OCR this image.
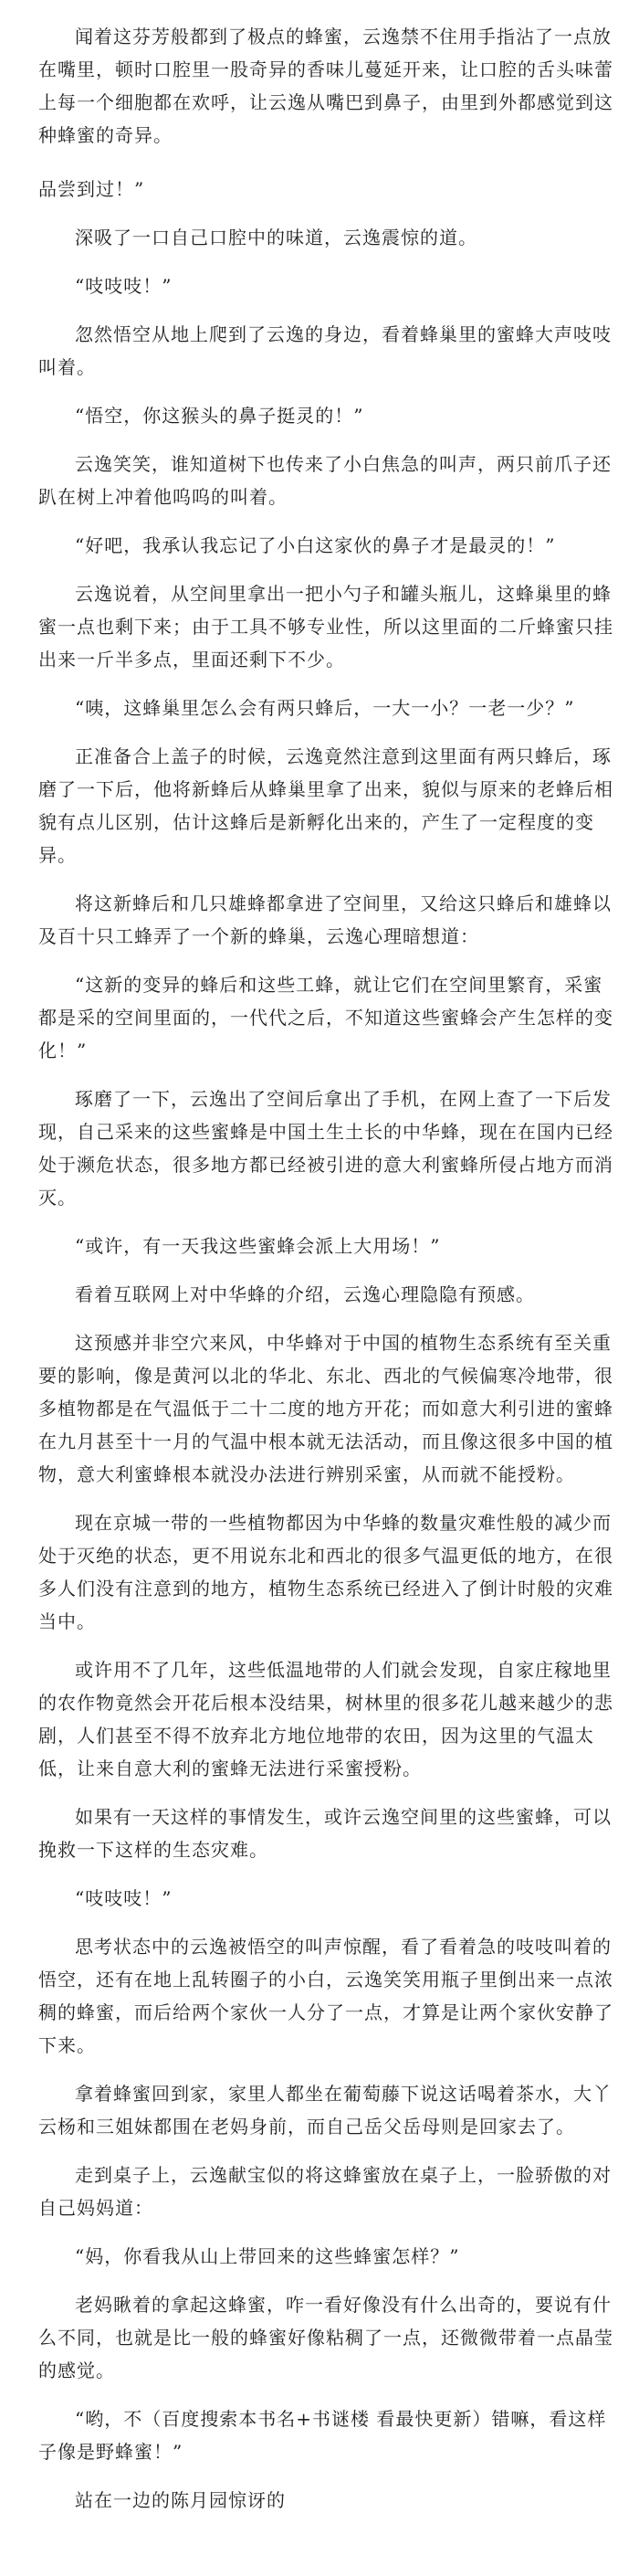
闻着这芬芳般都到了极点的蜂蜜，云逸禁不住用手指沾了一点放在嘴里，顿时口腔里一股奇异的香味儿蔓延开来，让口腔的舌头味蕾上每一个细胞都在欢呼，让云逸从嘴巴到鼻子，由里到外都感觉到这种蜂蜜的奇异。

品尝到过！”

深吸了一口自己口腔中的味道，云逸震惊的道。

“吱吱吱！”

忽然悟空从地上爬到了云逸的身边，看着蜂巢里的蜜蜂大声吱吱叫着。

“悟空，你这猴头的鼻子挺灵的！”

云逸笑笑，谁知道树下也传来了小白焦急的叫声，两只前爪子还趴在树上冲着他呜呜的叫着。

“好吧，我承认我忘记了小白这家伙的鼻子才是最灵的！”

云逸说着，从空间里拿出一把小勺子和罐头瓶儿，这蜂巢里的蜂蜜一点也剩下来；由于工具不够专业性，所以这里面的二斤蜂蜜只挂出来一斤半多点，里面还剩下不少。

“咦，这蜂巢里怎么会有两只蜂后，一大一小？一老一少？”

正准备合上盖子的时候，云逸竟然注意到这里面有两只蜂后，琢磨了一下后，他将新蜂后从蜂巢里拿了出来，貌似与原来的老蜂后相貌有点儿区别，估计这蜂后是新孵化出来的，产生了一定程度的变异。

将这新蜂后和几只雄蜂都拿进了空间里，又给这只蜂后和雄蜂以及百十只工蜂弄了一个新的蜂巢，云逸心理暗想道：

“这新的变异的蜂后和这些工蜂，就让它们在空间里繁育，采蜜都是采的空间里面的，一代代之后，不知道这些蜜蜂会产生怎样的变化！”

琢磨了一下，云逸出了空间后拿出了手机，在网上查了一下后发现，自己采来的这些蜜蜂是中国土生土长的中华蜂，现在在国内已经处于濒危状态，很多地方都已经被引进的意大利蜜蜂所侵占地方而消灭。

“或许，有一天我这些蜜蜂会派上大用场！”

看着互联网上对中华蜂的介绍，云逸心理隐隐有预感。

这预感并非空穴来风，中华蜂对于中国的植物生态系统有至关重要的影响，像是黄河以北的华北、东北、西北的气候偏寒冷地带，很多植物都是在气温低于二十二度的地方开花；而如意大利引进的蜜蜂在九月甚至十一月的气温中根本就无法活动，而且像这很多中国的植物，意大利蜜蜂根本就没办法进行辨别采蜜，从而就不能授粉。

现在京城一带的一些植物都因为中华蜂的数量灾难性般的减少而处于灭绝的状态，更不用说东北和西北的很多气温更低的地方，在很多人们没有注意到的地方，植物生态系统已经进入了倒计时般的灾难当中。

或许用不了几年，这些低温地带的人们就会发现，自家庄稼地里的农作物竟然会开花后根本没结果，树林里的很多花儿越来越少的悲剧，人们甚至不得不放弃北方地位地带的农田，因为这里的气温太低，让来自意大利的蜜蜂无法进行采蜜授粉。

如果有一天这样的事情发生，或许云逸空间里的这些蜜蜂，可以挽救一下这样的生态灾难。

“吱吱吱！”

思考状态中的云逸被悟空的叫声惊醒，看了看着急的吱吱叫着的悟空，还有在地上乱转圈子的小白，云逸笑笑用瓶子里倒出来一点浓稠的蜂蜜，而后给两个家伙一人分了一点，才算是让两个家伙安静了下来。

拿着蜂蜜回到家，家里人都坐在葡萄藤下说这话喝着茶水，大丫云杨和三姐妹都围在老妈身前，而自己岳父岳母则是回家去了。

走到桌子上，云逸献宝似的将这蜂蜜放在桌子上，一脸骄傲的对自己妈妈道：

“妈，你看我从山上带回来的这些蜂蜜怎样？”

老妈瞅着的拿起这蜂蜜，咋一看好像没有什么出奇的，要说有什么不同，也就是比一般的蜂蜜好像粘稠了一点，还微微带着一点晶莹的感觉。

“哟，不（百度搜索本书名+书谜楼 看最快更新）错嘛，看这样子像是野蜂蜜！”

站在一边的陈月园惊讶的
